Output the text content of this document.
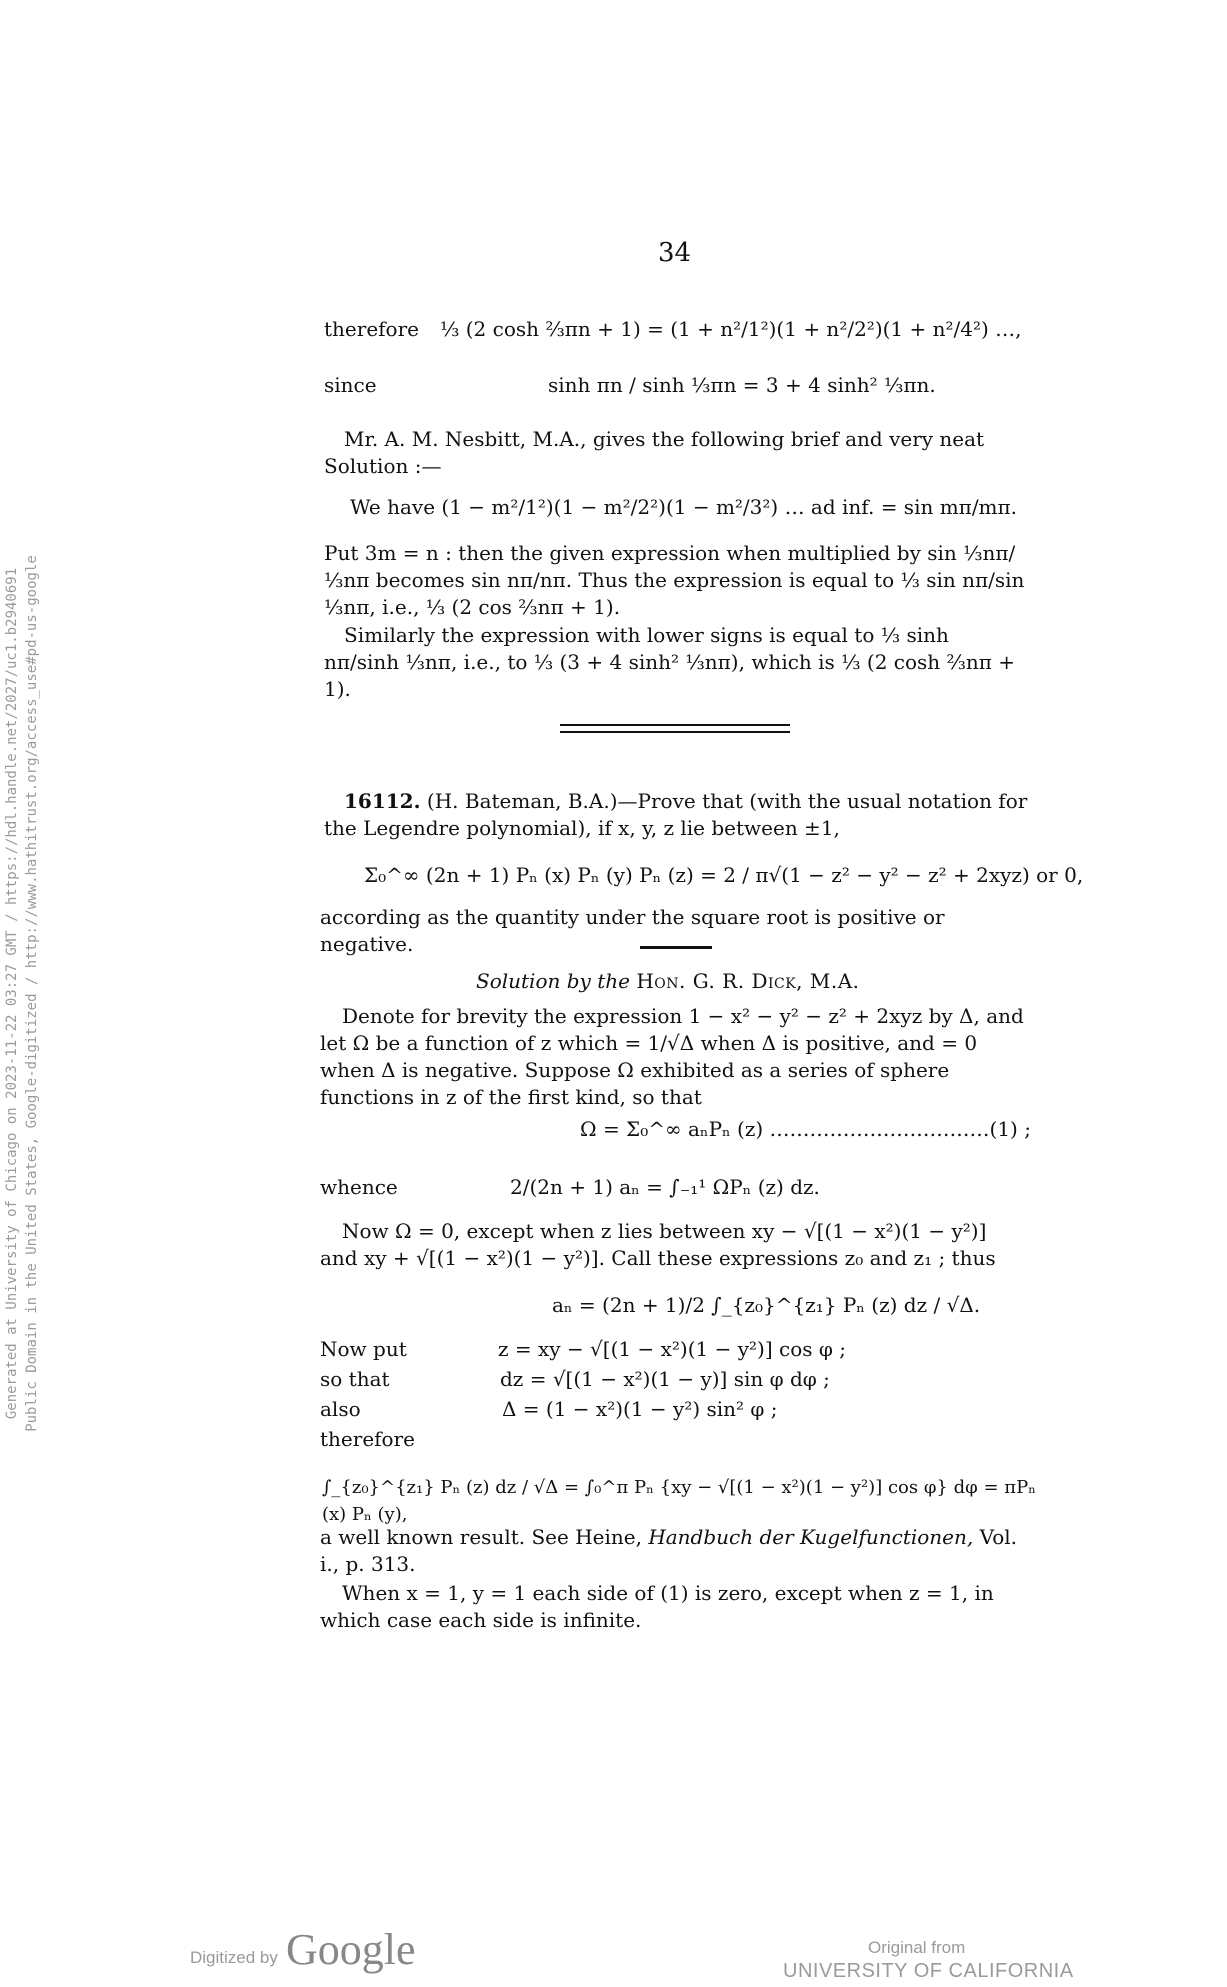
34
therefore ⅓ (2 cosh ⅔πn + 1) = (1 + n²/1²)(1 + n²/2²)(1 + n²/4²) …,
since	sinh πn / sinh ⅓πn = 3 + 4 sinh² ⅓πn.
Mr. A. M. Nesbitt, M.A., gives the following brief and very neat Solution :—
We have (1 − m²/1²)(1 − m²/2²)(1 − m²/3²) … ad inf. = sin mπ/mπ.
Put 3m = n : then the given expression when multiplied by sin ⅓nπ/⅓nπ becomes sin nπ/nπ. Thus the expression is equal to ⅓ sin nπ/sin ⅓nπ, i.e., ⅓ (2 cos ⅔nπ + 1).
Similarly the expression with lower signs is equal to ⅓ sinh nπ/sinh ⅓nπ, i.e., to ⅓ (3 + 4 sinh² ⅓nπ), which is ⅓ (2 cosh ⅔nπ + 1).
16112. (H. Bateman, B.A.)—Prove that (with the usual notation for the Legendre polynomial), if x, y, z lie between ±1,
Σ₀^∞ (2n + 1) Pₙ (x) Pₙ (y) Pₙ (z) = 2 / π√(1 − z² − y² − z² + 2xyz) or 0,
according as the quantity under the square root is positive or negative.
Solution by the Hon. G. R. Dick, M.A.
Denote for brevity the expression 1 − x² − y² − z² + 2xyz by Δ, and let Ω be a function of z which = 1/√Δ when Δ is positive, and = 0 when Δ is negative. Suppose Ω exhibited as a series of sphere functions in z of the first kind, so that
Ω = Σ₀^∞ aₙPₙ (z) ……………………………(1) ;
whence	2/(2n + 1) aₙ = ∫₋₁¹ ΩPₙ (z) dz.
Now Ω = 0, except when z lies between xy − √[(1 − x²)(1 − y²)] and xy + √[(1 − x²)(1 − y²)]. Call these expressions z₀ and z₁ ; thus
aₙ = (2n + 1)/2 ∫_{z₀}^{z₁} Pₙ (z) dz / √Δ.
Now put	z = xy − √[(1 − x²)(1 − y²)] cos φ ;
so that	dz = √[(1 − x²)(1 − y)] sin φ dφ ;
also	Δ = (1 − x²)(1 − y²) sin² φ ;
therefore
∫_{z₀}^{z₁} Pₙ (z) dz / √Δ = ∫₀^π Pₙ {xy − √[(1 − x²)(1 − y²)] cos φ} dφ = πPₙ (x) Pₙ (y),
a well known result. See Heine, Handbuch der Kugelfunctionen, Vol. i., p. 313.
When x = 1, y = 1 each side of (1) is zero, except when z = 1, in which case each side is infinite.
Generated at University of Chicago on 2023-11-22 03:27 GMT / https://hdl.handle.net/2027/uc1.b2940691 Public Domain in the United States, Google-digitized / http://www.hathitrust.org/access_use#pd-us-google
Digitized by Google	Original from
UNIVERSITY OF CALIFORNIA
